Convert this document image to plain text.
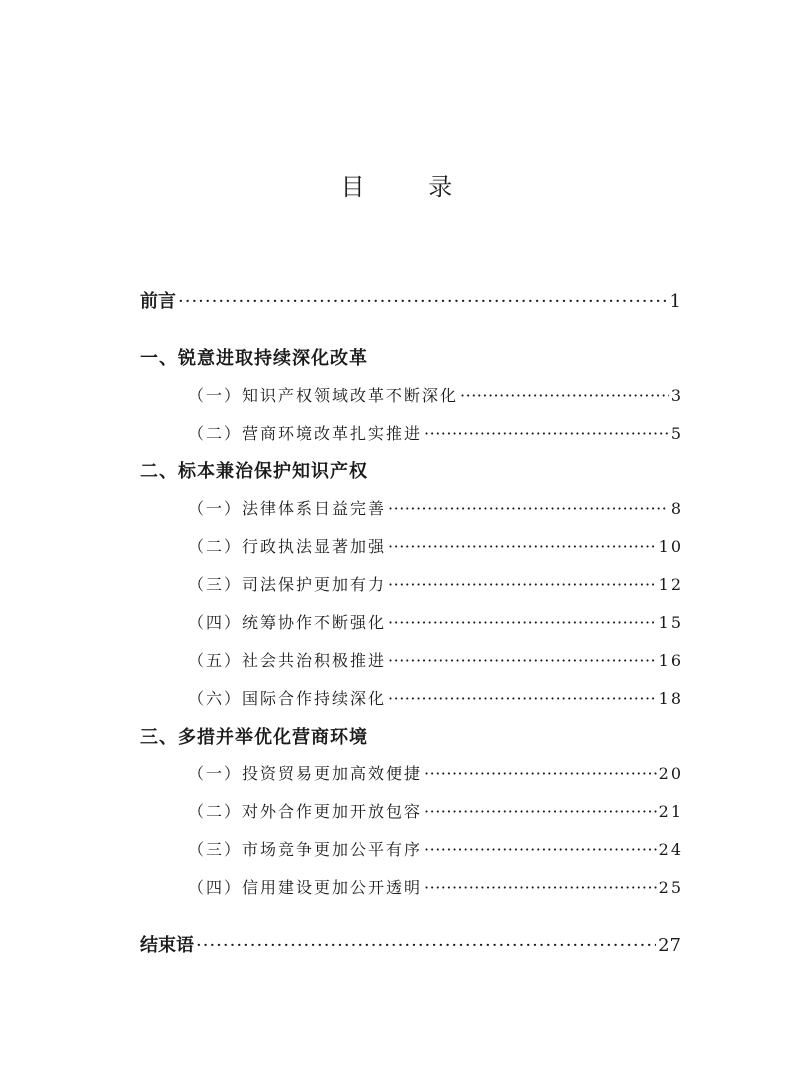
目 录
前言 ·····	1
一、锐意进取持续深化改革
（一）知识产权领域改革不断深化 ·····	3
（二）营商环境改革扎实推进 ·····	5
二、标本兼治保护知识产权
（一）法律体系日益完善 ·····	8
（二）行政执法显著加强 ·····	10
（三）司法保护更加有力 ·····	12
（四）统筹协作不断强化 ·····	15
（五）社会共治积极推进 ·····	16
（六）国际合作持续深化 ·····	18
三、多措并举优化营商环境
（一）投资贸易更加高效便捷 ·····	20
（二）对外合作更加开放包容 ·····	21
（三）市场竞争更加公平有序 ·····	24
（四）信用建设更加公开透明 ·····	25
结束语 ·····	27
